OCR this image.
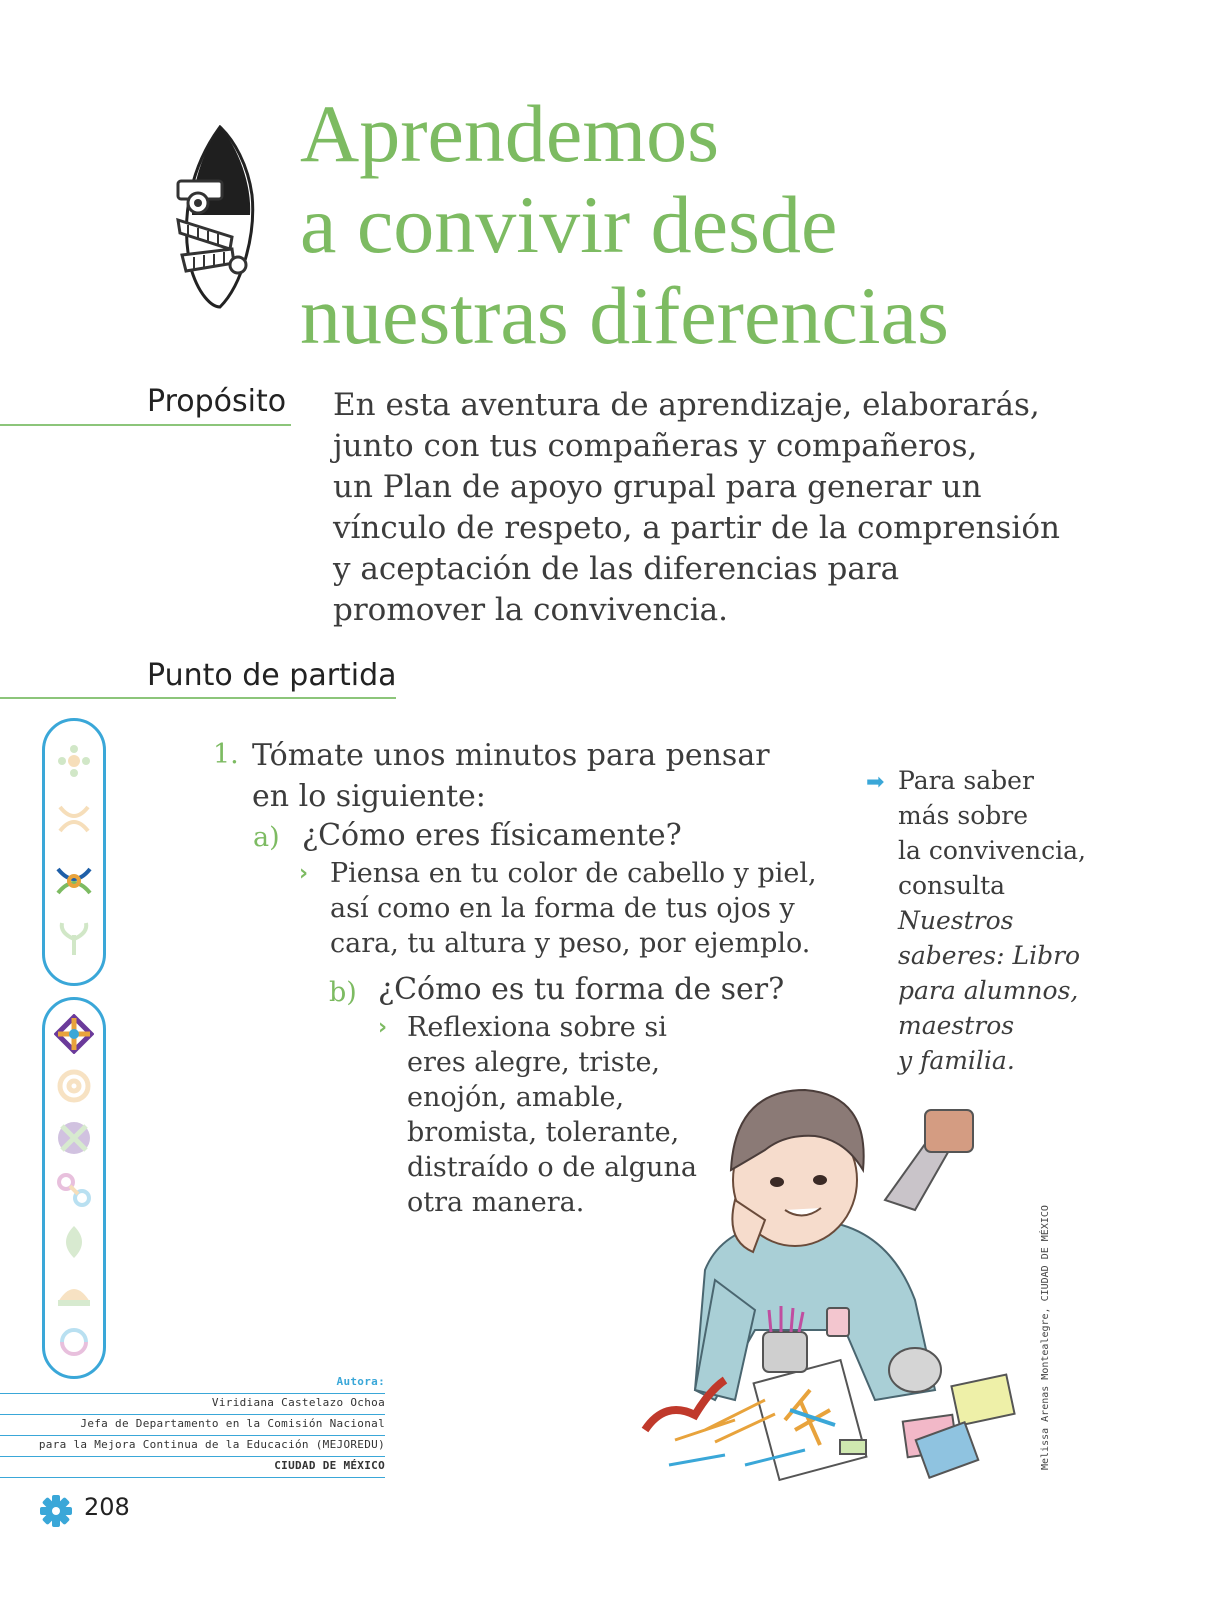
Aprendemos
a convivir desde
nuestras diferencias
Propósito En esta aventura de aprendizaje, elaborarás,
junto con tus compañeras y compañeros,
un Plan de apoyo grupal para generar un
vínculo de respeto, a partir de la comprensión
y aceptación de las diferencias para
promover la convivencia.
Punto de partida
1. Tómate unos minutos para pensar
en lo siguiente:
a) ¿Cómo eres físicamente?
› Piensa en tu color de cabello y piel,
así como en la forma de tus ojos y
cara, tu altura y peso, por ejemplo.
b) ¿Cómo es tu forma de ser?
› Reflexiona sobre si
eres alegre, triste,
enojón, amable,
bromista, tolerante,
distraído o de alguna
otra manera.
➡ Para saber
más sobre
la convivencia,
consulta
Nuestros
saberes: Libro
para alumnos,
maestros
y familia.
Autora:
Viridiana Castelazo Ochoa
Jefa de Departamento en la Comisión Nacional
para la Mejora Continua de la Educación (MEJOREDU)
CIUDAD DE MÉXICO
208
Melissa Arenas Montealegre, CIUDAD DE MÉXICO
